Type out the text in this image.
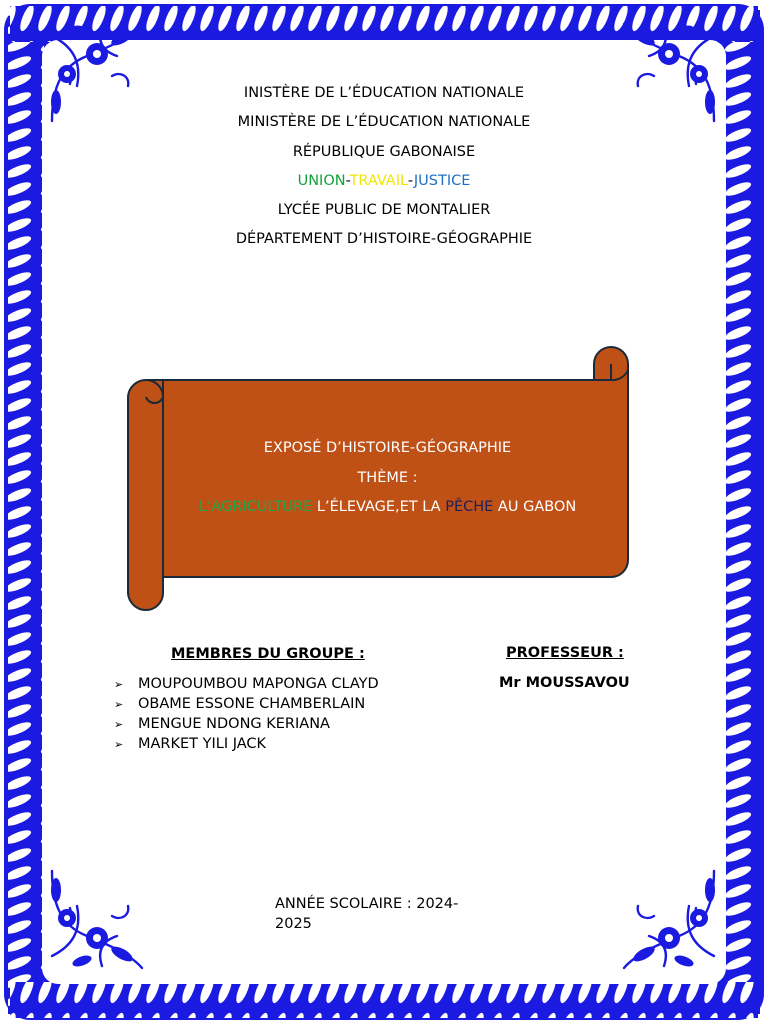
INISTÈRE DE L’ÉDUCATION NATIONALE
MINISTÈRE DE L’ÉDUCATION NATIONALE
RÉPUBLIQUE GABONAISE
UNION-TRAVAIL-JUSTICE
LYCÉE PUBLIC DE MONTALIER
DÉPARTEMENT D’HISTOIRE-GÉOGRAPHIE
EXPOSÉ D’HISTOIRE-GÉOGRAPHIE
THÈME :
L’AGRICULTURE L’ÉLEVAGE,ET LA PÊCHE AU GABON
MEMBRES DU GROUPE :
➢ MOUPOUMBOU MAPONGA CLAYD
➢ OBAME ESSONE CHAMBERLAIN
➢ MENGUE NDONG KERIANA
➢ MARKET YILI JACK
PROFESSEUR :
Mr MOUSSAVOU
ANNÉE SCOLAIRE : 2024-
2025
